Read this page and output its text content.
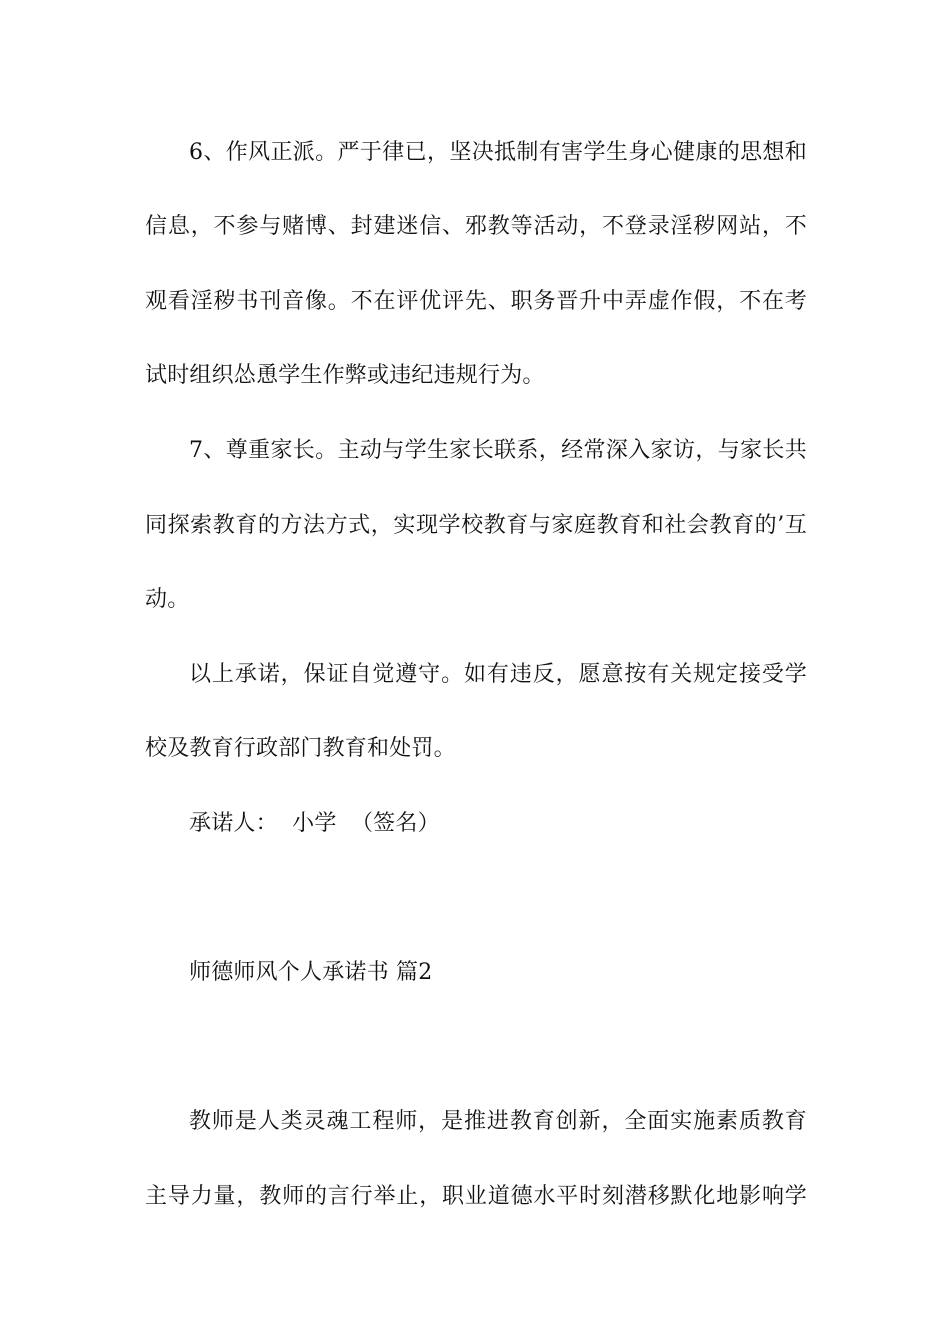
6、作风正派。严于律已，坚决抵制有害学生身心健康的思想和
信息，不参与赌博、封建迷信、邪教等活动，不登录淫秽网站，不
观看淫秽书刊音像。不在评优评先、职务晋升中弄虚作假，不在考
试时组织怂恿学生作弊或违纪违规行为。
7、尊重家长。主动与学生家长联系，经常深入家访，与家长共
同探索教育的方法方式，实现学校教育与家庭教育和社会教育的’互
动。
以上承诺，保证自觉遵守。如有违反，愿意按有关规定接受学
校及教育行政部门教育和处罚。
承诺人：  小学  （签名）
师德师风个人承诺书 篇2
教师是人类灵魂工程师，是推进教育创新，全面实施素质教育
主导力量，教师的言行举止，职业道德水平时刻潜移默化地影响学
